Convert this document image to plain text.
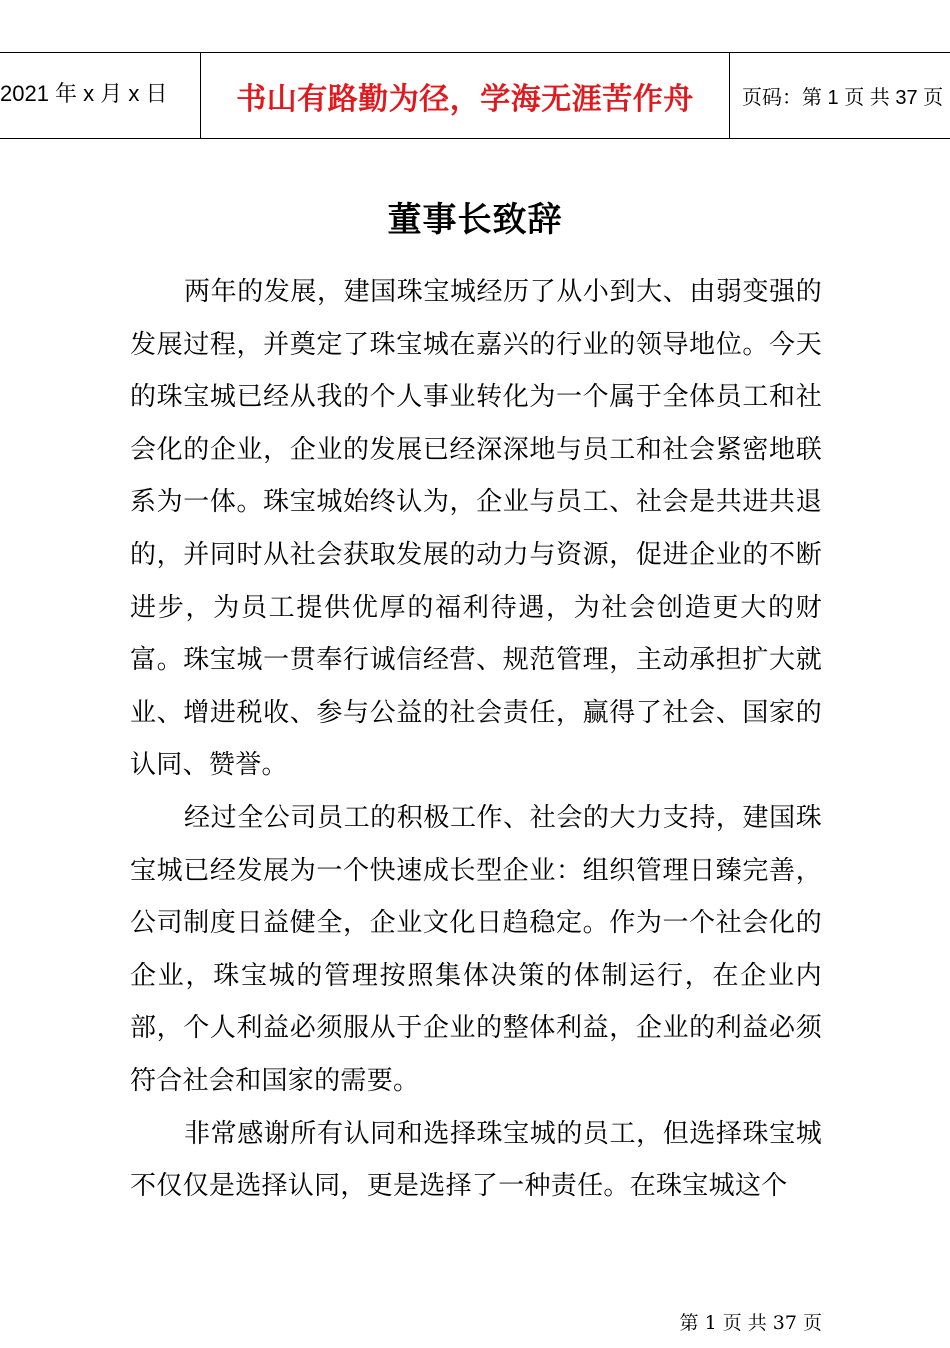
2021 年 x 月 x 日	书山有路勤为径，学海无涯苦作舟	页码：第 1 页 共 37 页
董事长致辞

两年的发展，建国珠宝城经历了从小到大、由弱变强的发展过程，并奠定了珠宝城在嘉兴的行业的领导地位。今天的珠宝城已经从我的个人事业转化为一个属于全体员工和社会化的企业，企业的发展已经深深地与员工和社会紧密地联系为一体。珠宝城始终认为，企业与员工、社会是共进共退的，并同时从社会获取发展的动力与资源，促进企业的不断进步，为员工提供优厚的福利待遇，为社会创造更大的财富。珠宝城一贯奉行诚信经营、规范管理，主动承担扩大就业、增进税收、参与公益的社会责任，赢得了社会、国家的认同、赞誉。

经过全公司员工的积极工作、社会的大力支持，建国珠宝城已经发展为一个快速成长型企业：组织管理日臻完善，公司制度日益健全，企业文化日趋稳定。作为一个社会化的企业，珠宝城的管理按照集体决策的体制运行，在企业内部，个人利益必须服从于企业的整体利益，企业的利益必须符合社会和国家的需要。

非常感谢所有认同和选择珠宝城的员工，但选择珠宝城不仅仅是选择认同，更是选择了一种责任。在珠宝城这个

第 1 页 共 37 页
